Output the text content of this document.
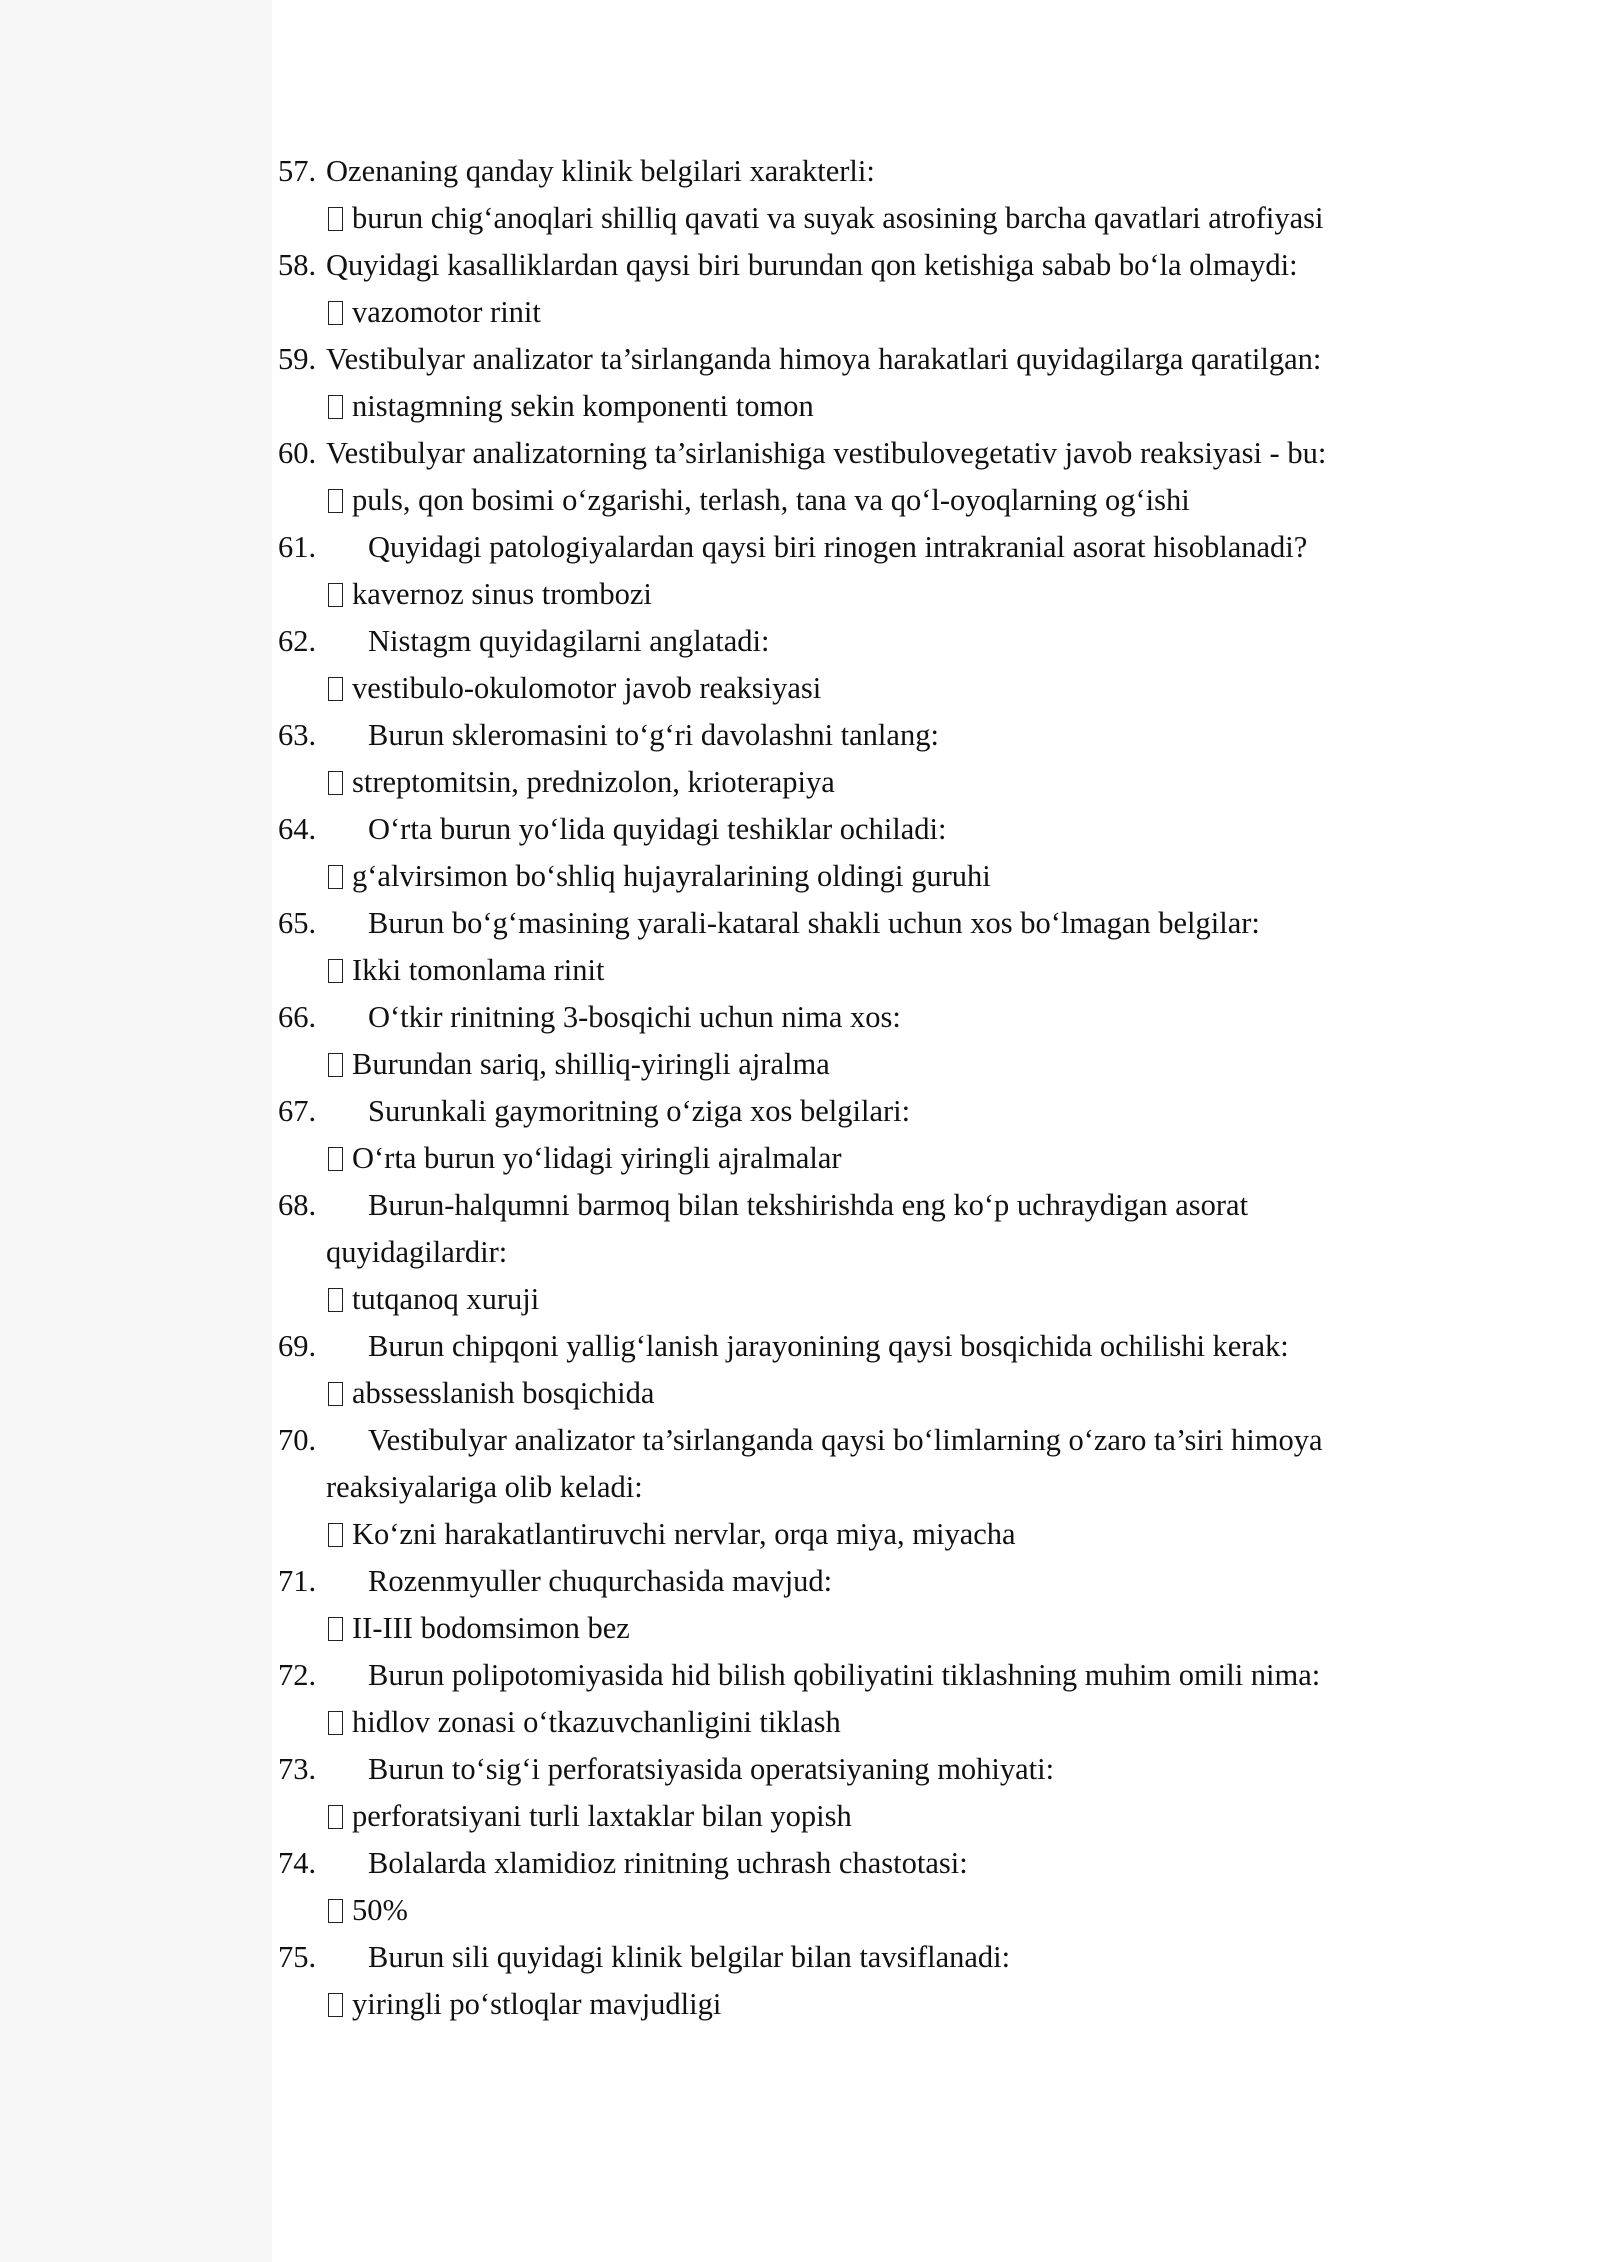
57. Ozenaning qanday klinik belgilari xarakterli:
burun chig‘anoqlari shilliq qavati va suyak asosining barcha qavatlari atrofiyasi
58. Quyidagi kasalliklardan qaysi biri burundan qon ketishiga sabab bo‘la olmaydi:
vazomotor rinit
59. Vestibulyar analizator ta’sirlanganda himoya harakatlari quyidagilarga qaratilgan:
nistagmning sekin komponenti tomon
60. Vestibulyar analizatorning ta’sirlanishiga vestibulovegetativ javob reaksiyasi - bu:
puls, qon bosimi o‘zgarishi, terlash, tana va qo‘l-oyoqlarning og‘ishi
61.	Quyidagi patologiyalardan qaysi biri rinogen intrakranial asorat hisoblanadi?
kavernoz sinus trombozi
62.	Nistagm quyidagilarni anglatadi:
vestibulo-okulomotor javob reaksiyasi
63.	Burun skleromasini to‘g‘ri davolashni tanlang:
streptomitsin, prednizolon, krioterapiya
64.	O‘rta burun yo‘lida quyidagi teshiklar ochiladi:
g‘alvirsimon bo‘shliq hujayralarining oldingi guruhi
65.	Burun bo‘g‘masining yarali-kataral shakli uchun xos bo‘lmagan belgilar:
Ikki tomonlama rinit
66.	O‘tkir rinitning 3-bosqichi uchun nima xos:
Burundan sariq, shilliq-yiringli ajralma
67.	Surunkali gaymoritning o‘ziga xos belgilari:
O‘rta burun yo‘lidagi yiringli ajralmalar
68.	Burun-halqumni barmoq bilan tekshirishda eng ko‘p uchraydigan asorat
quyidagilardir:
tutqanoq xuruji
69.	Burun chipqoni yallig‘lanish jarayonining qaysi bosqichida ochilishi kerak:
abssesslanish bosqichida
70.	Vestibulyar analizator ta’sirlanganda qaysi bo‘limlarning o‘zaro ta’siri himoya
reaksiyalariga olib keladi:
Ko‘zni harakatlantiruvchi nervlar, orqa miya, miyacha
71.	Rozenmyuller chuqurchasida mavjud:
II-III bodomsimon bez
72.	Burun polipotomiyasida hid bilish qobiliyatini tiklashning muhim omili nima:
hidlov zonasi o‘tkazuvchanligini tiklash
73.	Burun to‘sig‘i perforatsiyasida operatsiyaning mohiyati:
perforatsiyani turli laxtaklar bilan yopish
74.	Bolalarda xlamidioz rinitning uchrash chastotasi:
50%
75.	Burun sili quyidagi klinik belgilar bilan tavsiflanadi:
yiringli po‘stloqlar mavjudligi
